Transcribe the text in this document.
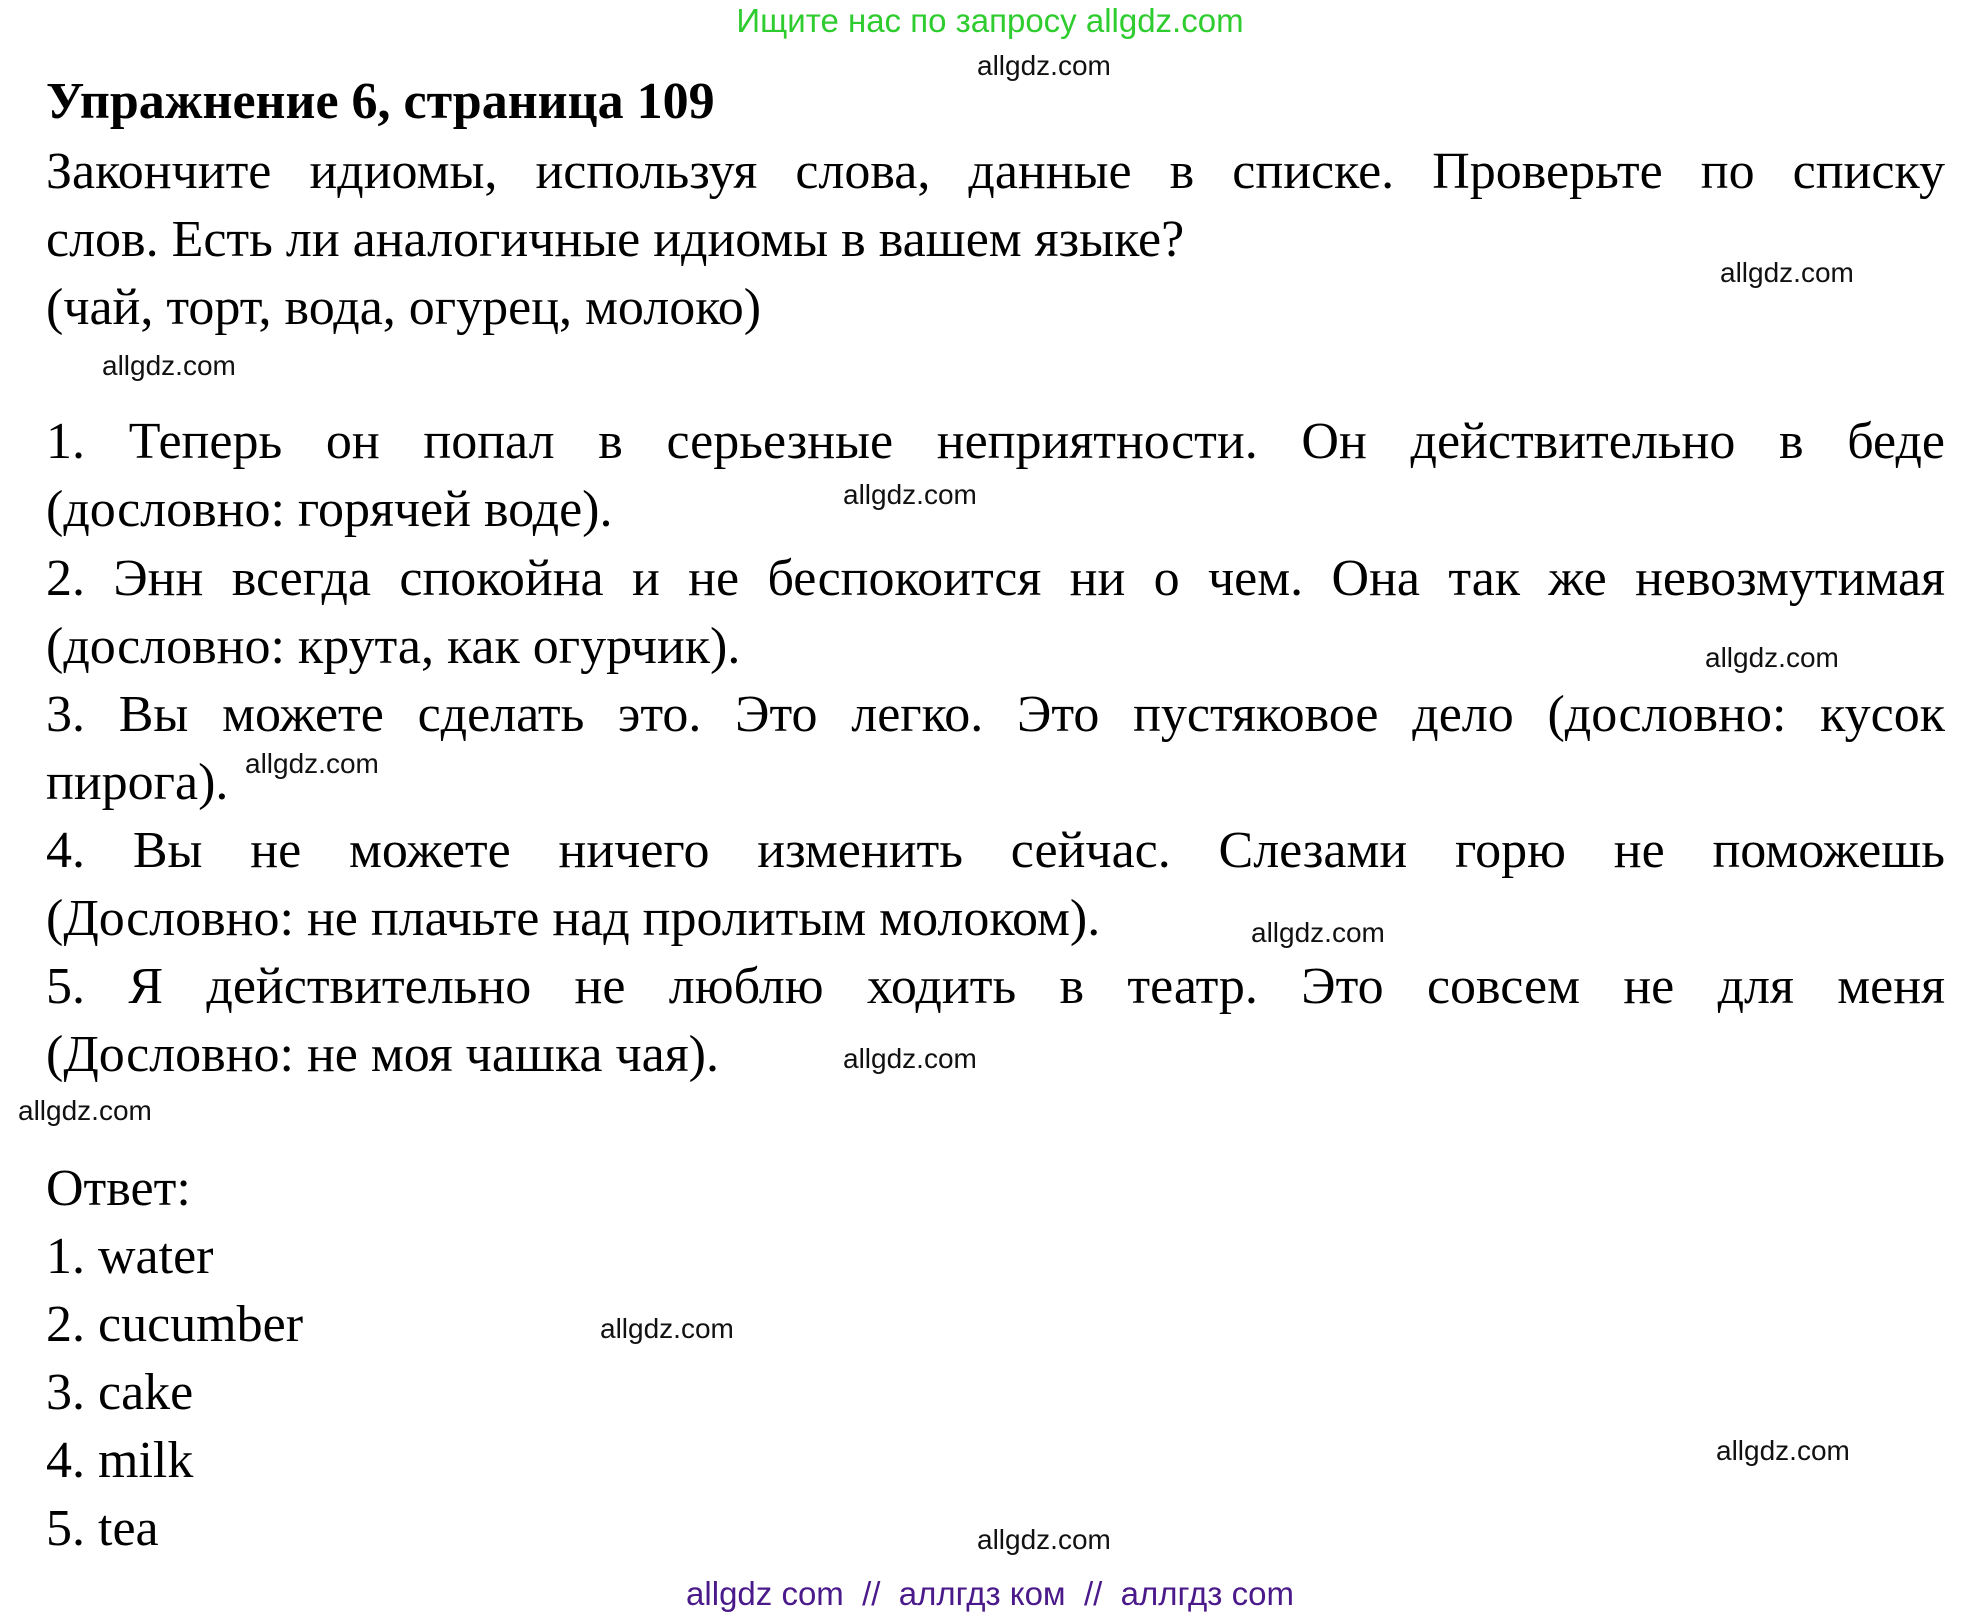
Ищите нас по запросу allgdz.com
Упражнение 6, страница 109
Закончите идиомы, используя слова, данные в списке. Проверьте по списку
слов. Есть ли аналогичные идиомы в вашем языке?
(чай, торт, вода, огурец, молоко)
1. Теперь он попал в серьезные неприятности. Он действительно в беде
(дословно: горячей воде).
2. Энн всегда спокойна и не беспокоится ни о чем. Она так же невозмутимая
(дословно: крута, как огурчик).
3. Вы можете сделать это. Это легко. Это пустяковое дело (дословно: кусок
пирога).
4. Вы не можете ничего изменить сейчас. Слезами горю не поможешь
(Дословно: не плачьте над пролитым молоком).
5. Я действительно не люблю ходить в театр. Это совсем не для меня
(Дословно: не моя чашка чая).
Ответ:
1. water
2. cucumber
3. cake
4. milk
5. tea
allgdz.com
allgdz.com
allgdz.com
allgdz.com
allgdz.com
allgdz.com
allgdz.com
allgdz.com
allgdz.com
allgdz.com
allgdz.com
allgdz.com
allgdz com  //  аллгдз ком  //  аллгдз com
